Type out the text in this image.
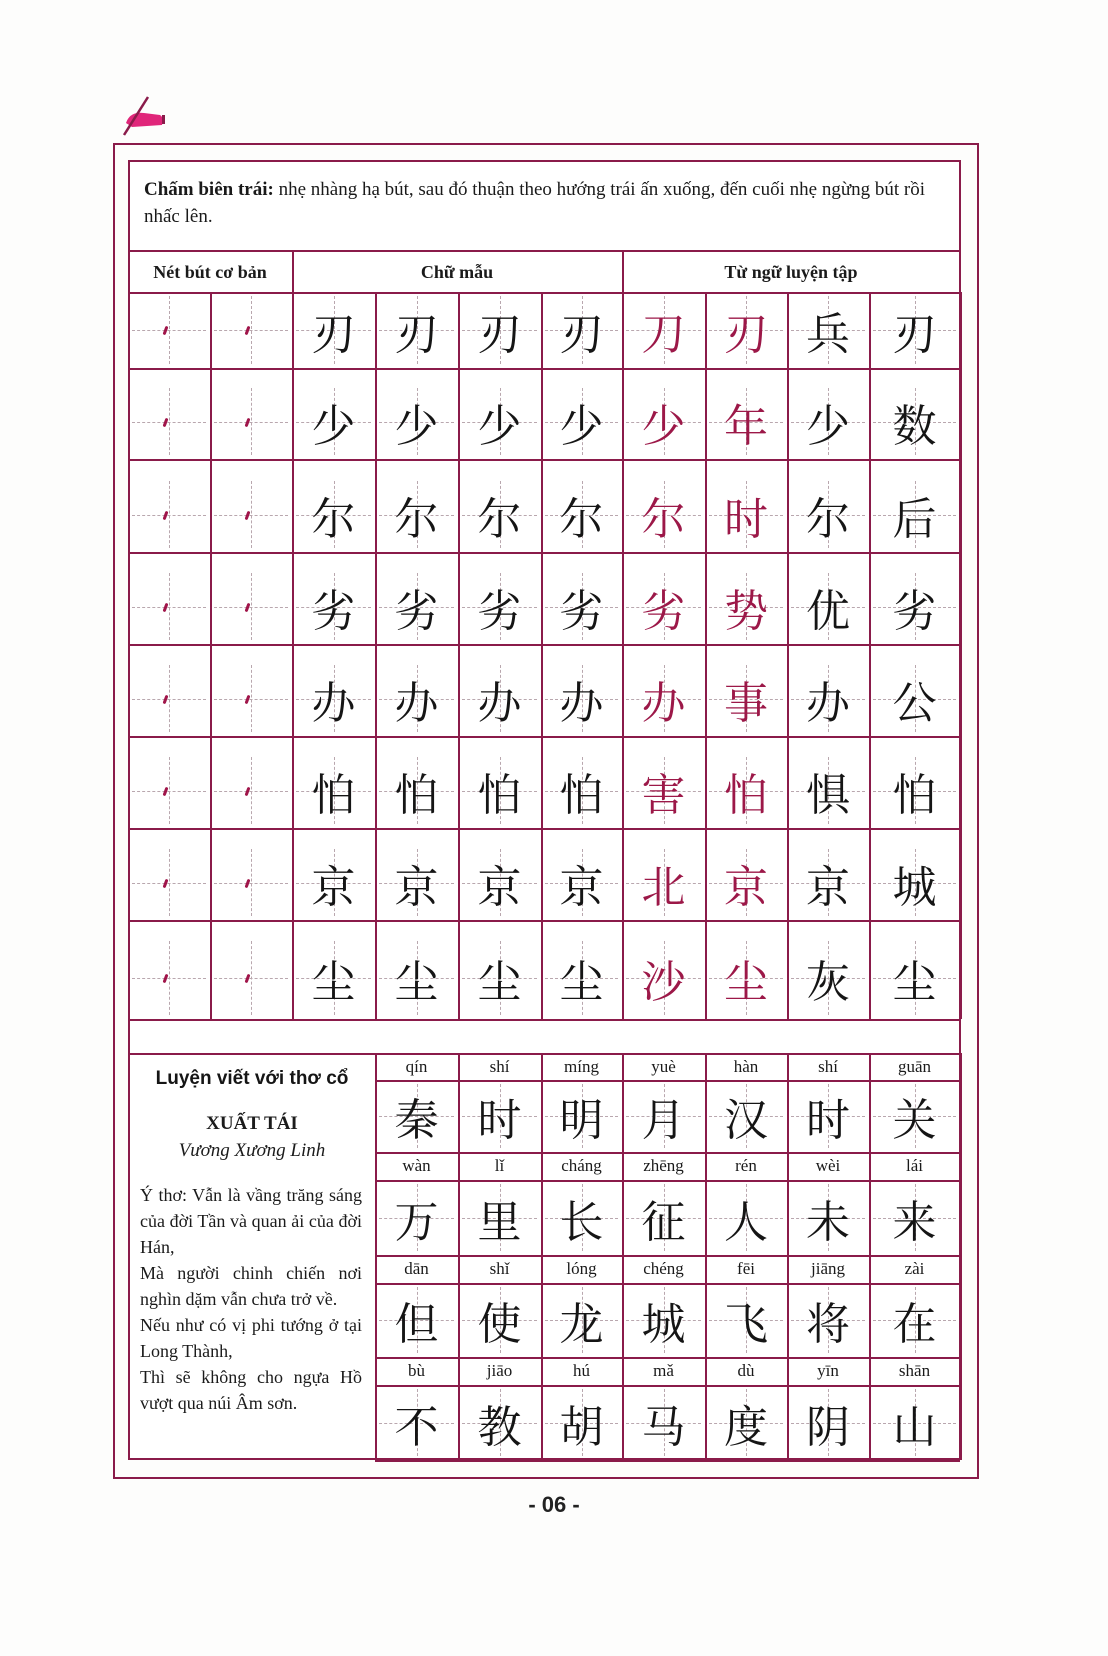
Chấm biên trái: nhẹ nhàng hạ bút, sau đó thuận theo hướng trái ấn xuống, đến cuối nhẹ ngừng bút rồi nhấc lên.
Nét bút cơ bản	Chữ mẫu	Từ ngữ luyện tập
刃 刃 刃 刃 刀 刃 兵 刃
少 少 少 少 少 年 少 数
尔 尔 尔 尔 尔 时 尔 后
劣 劣 劣 劣 劣 势 优 劣
办 办 办 办 办 事 办 公
怕 怕 怕 怕 害 怕 惧 怕
京 京 京 京 北 京 京 城
尘 尘 尘 尘 沙 尘 灰 尘
qín
秦
shí
时
míng
明
yuè
月
hàn
汉
shí
时
guān
关
wàn
万
lǐ
里
cháng
长
zhēng
征
rén
人
wèi
未
lái
来
dān
但
shǐ
使
lóng
龙
chéng
城
fēi
飞
jiāng
将
zài
在
bù
不
jiāo
教
hú
胡
mǎ
马
dù
度
yīn
阴
shān
山
Luyện viết với thơ cổ
XUẤT TÁI
Vương Xương Linh

Ý thơ: Vẫn là vầng trăng sáng của đời Tần và quan ải của đời Hán,

Mà người chinh chiến nơi nghìn dặm vẫn chưa trở về.

Nếu như có vị phi tướng ở tại Long Thành,

Thì sẽ không cho ngựa Hồ vượt qua núi Âm sơn.

- 06 -
